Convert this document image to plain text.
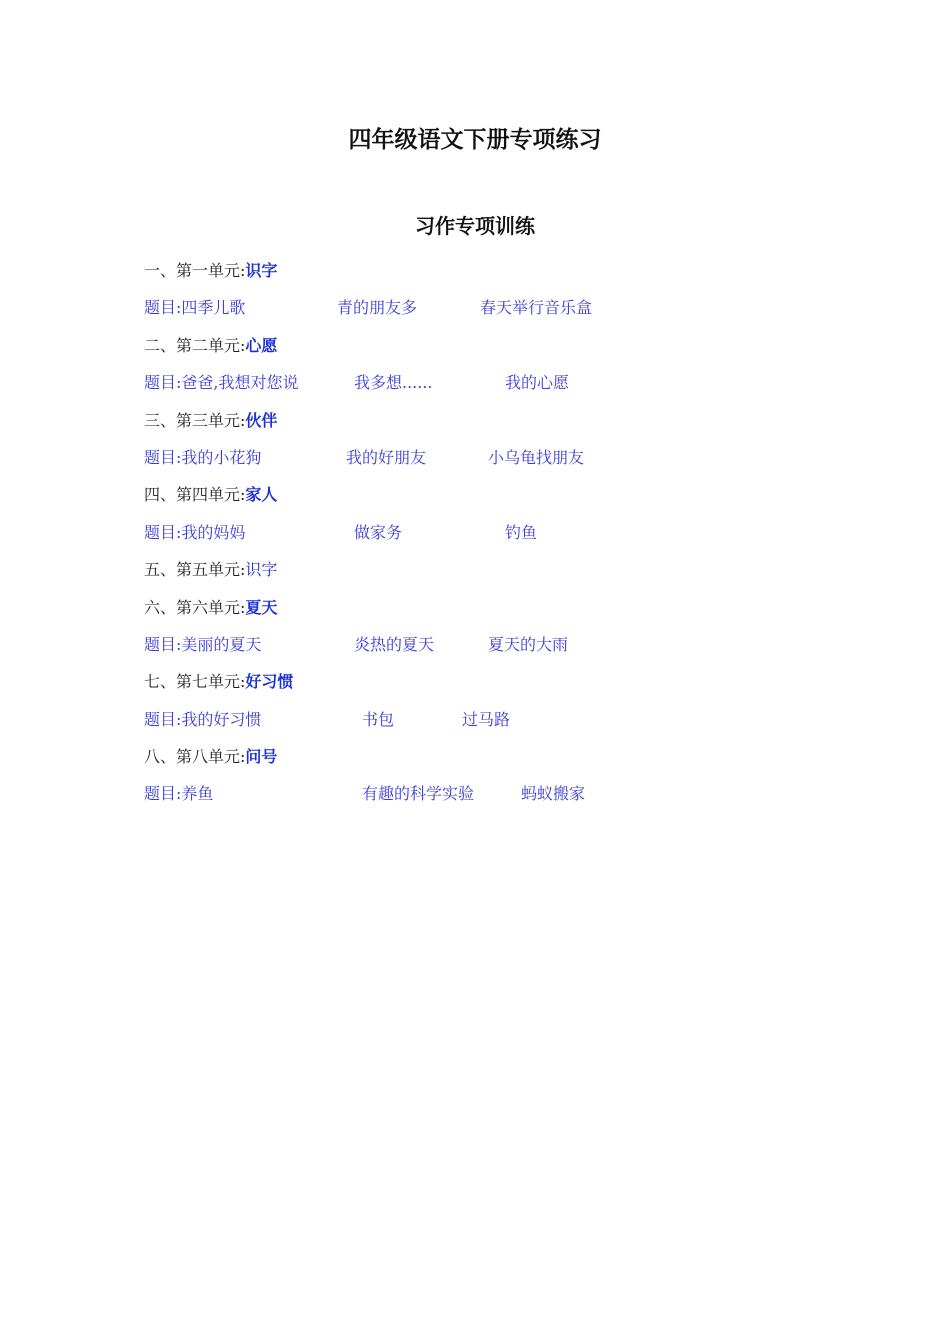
四年级语文下册专项练习
习作专项训练
一、第一单元:识字
题目:四季儿歌	青的朋友多	春天举行音乐盒
二、第二单元:心愿
题目:爸爸,我想对您说	我多想......	我的心愿
三、第三单元:伙伴
题目:我的小花狗	我的好朋友	小乌龟找朋友
四、第四单元:家人
题目:我的妈妈	做家务	钓鱼
五、第五单元:识字
六、第六单元:夏天
题目:美丽的夏天	炎热的夏天	夏天的大雨
七、第七单元:好习惯
题目:我的好习惯	书包	过马路
八、第八单元:问号
题目:养鱼	有趣的科学实验	蚂蚁搬家
